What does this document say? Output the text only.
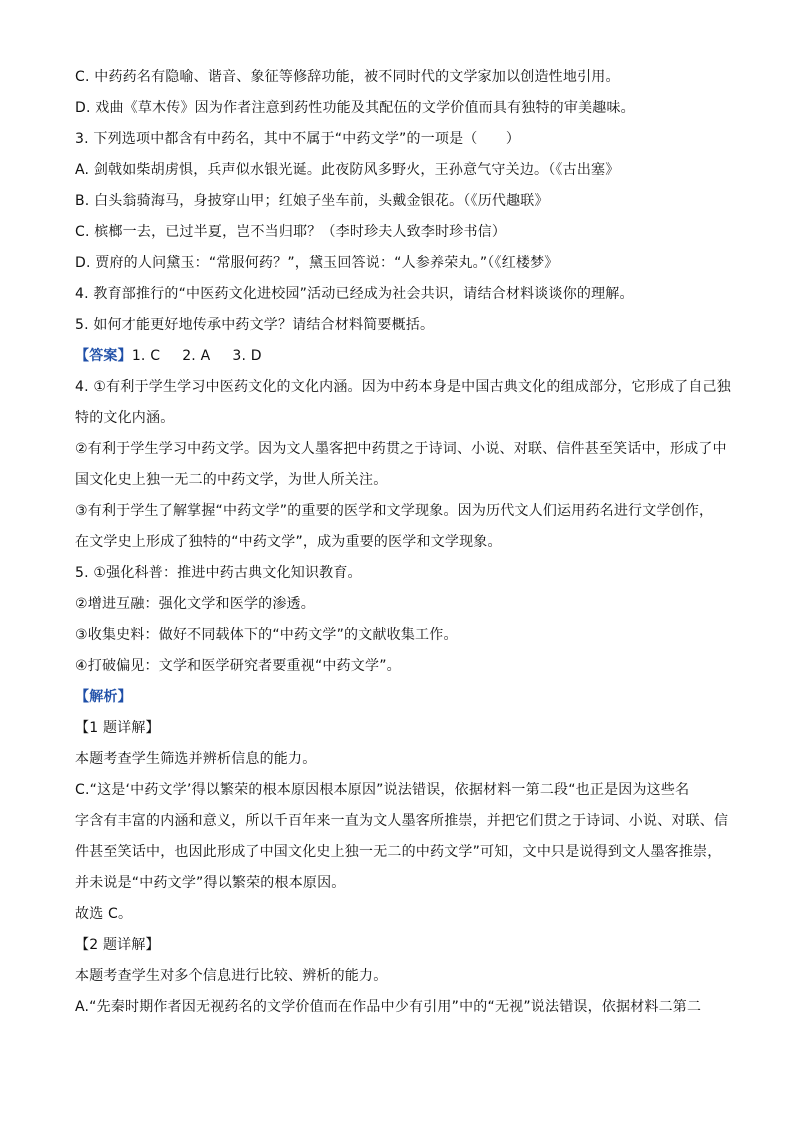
C. 中药药名有隐喻、谐音、象征等修辞功能，被不同时代的文学家加以创造性地引用。
D. 戏曲《草木传》因为作者注意到药性功能及其配伍的文学价值而具有独特的审美趣味。
3. 下列选项中都含有中药名，其中不属于“中药文学”的一项是（　　）
A. 剑戟如柴胡虏惧，兵声似水银光诞。此夜防风多野火，王孙意气守关边。（《古出塞》
B. 白头翁骑海马，身披穿山甲；红娘子坐车前，头戴金银花。（《历代趣联》
C. 槟榔一去，已过半夏，岂不当归耶？（李时珍夫人致李时珍书信）
D. 贾府的人问黛玉：“常服何药？”，黛玉回答说：“人参养荣丸。”（《红楼梦》
4. 教育部推行的“中医药文化进校园”活动已经成为社会共识，请结合材料谈谈你的理解。
5. 如何才能更好地传承中药文学？请结合材料简要概括。
【答案】1. C 2. A 3. D
4. ①有利于学生学习中医药文化的文化内涵。因为中药本身是中国古典文化的组成部分，它形成了自己独
特的文化内涵。
②有利于学生学习中药文学。因为文人墨客把中药贯之于诗词、小说、对联、信件甚至笑话中，形成了中
国文化史上独一无二的中药文学，为世人所关注。
③有利于学生了解掌握“中药文学”的重要的医学和文学现象。因为历代文人们运用药名进行文学创作，
在文学史上形成了独特的“中药文学”，成为重要的医学和文学现象。
5. ①强化科普：推进中药古典文化知识教育。
②增进互融：强化文学和医学的渗透。
③收集史料：做好不同载体下的“中药文学”的文献收集工作。
④打破偏见：文学和医学研究者要重视“中药文学”。
【解析】
【1 题详解】
本题考查学生筛选并辨析信息的能力。
C.“这是‘中药文学’得以繁荣的根本原因根本原因”说法错误，依据材料一第二段“也正是因为这些名
字含有丰富的内涵和意义，所以千百年来一直为文人墨客所推崇，并把它们贯之于诗词、小说、对联、信
件甚至笑话中，也因此形成了中国文化史上独一无二的中药文学”可知，文中只是说得到文人墨客推崇，
并未说是“中药文学”得以繁荣的根本原因。
故选 C。
【2 题详解】
本题考查学生对多个信息进行比较、辨析的能力。
A.“先秦时期作者因无视药名的文学价值而在作品中少有引用”中的“无视”说法错误，依据材料二第二
